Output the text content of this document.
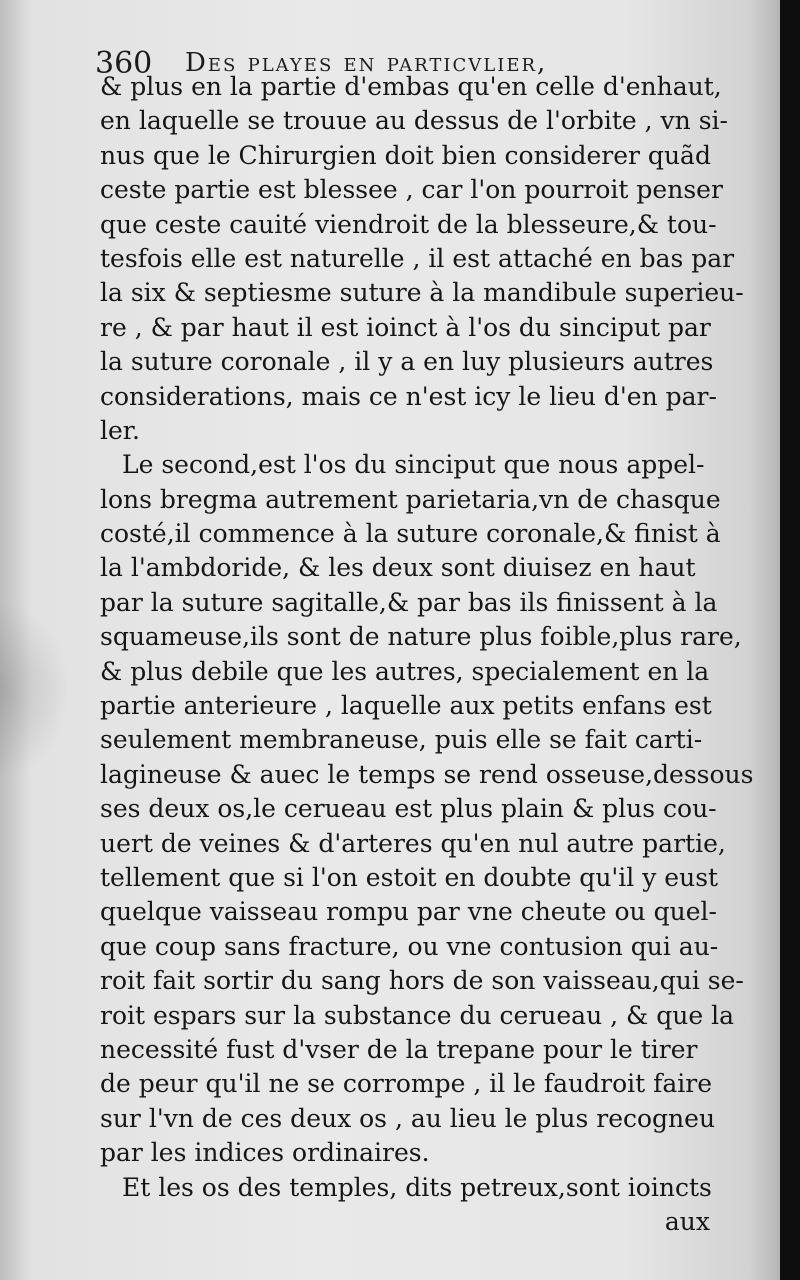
360 Des playes en particvlier,
& plus en la partie d'embas qu'en celle d'enhaut,
en laquelle se trouue au dessus de l'orbite , vn si-
nus que le Chirurgien doit bien considerer quãd
ceste partie est blessee , car l'on pourroit penser
que ceste cauité viendroit de la blesseure,& tou-
tesfois elle est naturelle , il est attaché en bas par
la six & septiesme suture à la mandibule superieu-
re , & par haut il est ioinct à l'os du sinciput par
la suture coronale , il y a en luy plusieurs autres
considerations, mais ce n'est icy le lieu d'en par-
ler.
Le second,est l'os du sinciput que nous appel-
lons bregma autrement parietaria,vn de chasque
costé,il commence à la suture coronale,& finist à
la l'ambdoride, & les deux sont diuisez en haut
par la suture sagitalle,& par bas ils finissent à la
squameuse,ils sont de nature plus foible,plus rare,
& plus debile que les autres, specialement en la
partie anterieure , laquelle aux petits enfans est
seulement membraneuse, puis elle se fait carti-
lagineuse & auec le temps se rend osseuse,dessous
ses deux os,le cerueau est plus plain & plus cou-
uert de veines & d'arteres qu'en nul autre partie,
tellement que si l'on estoit en doubte qu'il y eust
quelque vaisseau rompu par vne cheute ou quel-
que coup sans fracture, ou vne contusion qui au-
roit fait sortir du sang hors de son vaisseau,qui se-
roit espars sur la substance du cerueau , & que la
necessité fust d'vser de la trepane pour le tirer
de peur qu'il ne se corrompe , il le faudroit faire
sur l'vn de ces deux os , au lieu le plus recogneu
par les indices ordinaires.
Et les os des temples, dits petreux,sont ioincts
aux
